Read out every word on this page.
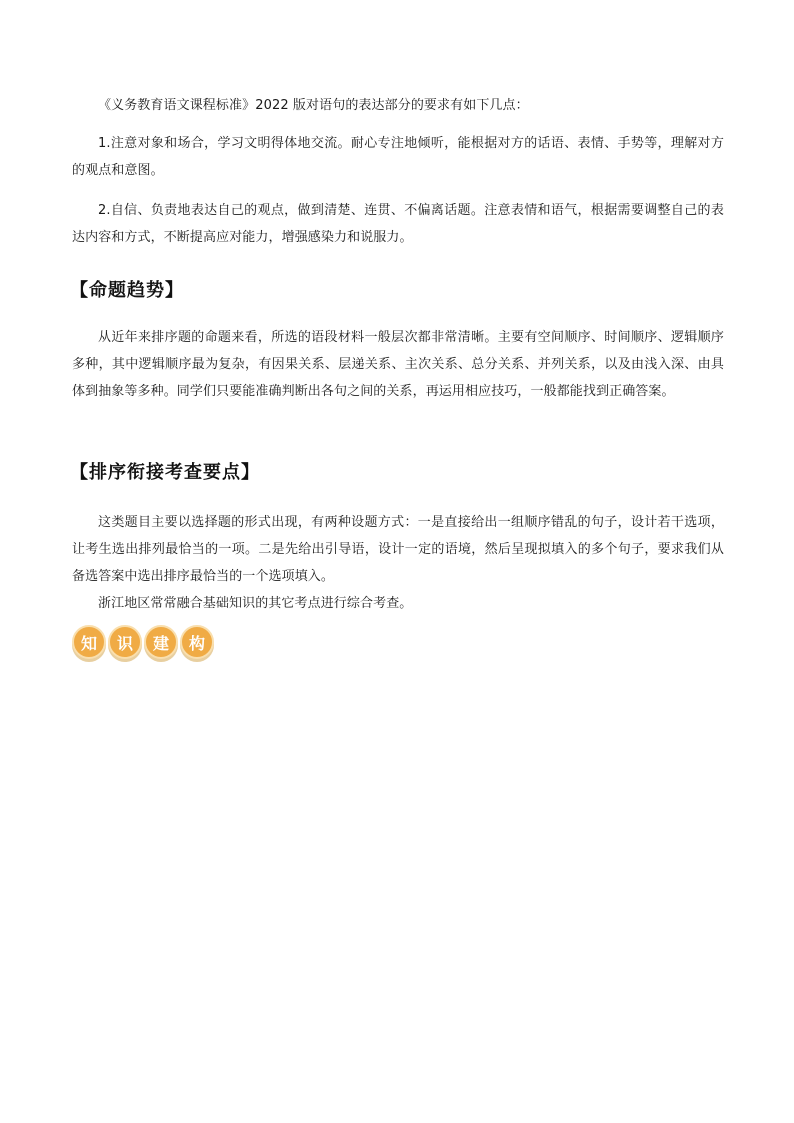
《义务教育语文课程标准》2022 版对语句的表达部分的要求有如下几点：

1.注意对象和场合，学习文明得体地交流。耐心专注地倾听，能根据对方的话语、表情、手势等，理解对方的观点和意图。

2.自信、负责地表达自己的观点，做到清楚、连贯、不偏离话题。注意表情和语气，根据需要调整自己的表达内容和方式，不断提高应对能力，增强感染力和说服力。

【命题趋势】

从近年来排序题的命题来看，所选的语段材料一般层次都非常清晰。主要有空间顺序、时间顺序、逻辑顺序多种，其中逻辑顺序最为复杂，有因果关系、层递关系、主次关系、总分关系、并列关系，以及由浅入深、由具体到抽象等多种。同学们只要能准确判断出各句之间的关系，再运用相应技巧，一般都能找到正确答案。

【排序衔接考查要点】

这类题目主要以选择题的形式出现，有两种设题方式：一是直接给出一组顺序错乱的句子，设计若干选项，让考生选出排列最恰当的一项。二是先给出引导语，设计一定的语境，然后呈现拟填入的多个句子，要求我们从备选答案中选出排序最恰当的一个选项填入。

浙江地区常常融合基础知识的其它考点进行综合考查。

知	识	建	构
